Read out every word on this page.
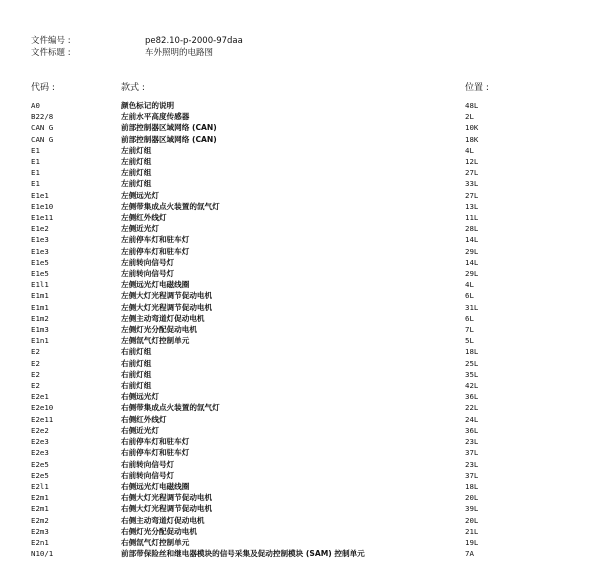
文件编号 :	pe82.10-p-2000-97daa
文件标题 :	车外照明的电路图
代码 :	款式 :	位置 :
A0	颜色标记的说明	48L
B22/8	左前水平高度传感器	2L
CAN G	前部控制器区域网络 (CAN)	10K
CAN G	前部控制器区域网络 (CAN)	18K
E1	左前灯组	4L
E1	左前灯组	12L
E1	左前灯组	27L
E1	左前灯组	33L
E1e1	左侧远光灯	27L
E1e10	左侧带集成点火装置的氙气灯	13L
E1e11	左侧红外线灯	11L
E1e2	左侧近光灯	28L
E1e3	左前停车灯和驻车灯	14L
E1e3	左前停车灯和驻车灯	29L
E1e5	左前转向信号灯	14L
E1e5	左前转向信号灯	29L
E1l1	左侧远光灯电磁线圈	4L
E1m1	左侧大灯光程调节促动电机	6L
E1m1	左侧大灯光程调节促动电机	31L
E1m2	左侧主动弯道灯促动电机	6L
E1m3	左侧灯光分配促动电机	7L
E1n1	左侧氙气灯控制单元	5L
E2	右前灯组	18L
E2	右前灯组	25L
E2	右前灯组	35L
E2	右前灯组	42L
E2e1	右侧远光灯	36L
E2e10	右侧带集成点火装置的氙气灯	22L
E2e11	右侧红外线灯	24L
E2e2	右侧近光灯	36L
E2e3	右前停车灯和驻车灯	23L
E2e3	右前停车灯和驻车灯	37L
E2e5	右前转向信号灯	23L
E2e5	右前转向信号灯	37L
E2l1	右侧远光灯电磁线圈	18L
E2m1	右侧大灯光程调节促动电机	20L
E2m1	右侧大灯光程调节促动电机	39L
E2m2	右侧主动弯道灯促动电机	20L
E2m3	右侧灯光分配促动电机	21L
E2n1	右侧氙气灯控制单元	19L
N10/1	前部带保险丝和继电器模块的信号采集及促动控制模块 (SAM) 控制单元	7A
